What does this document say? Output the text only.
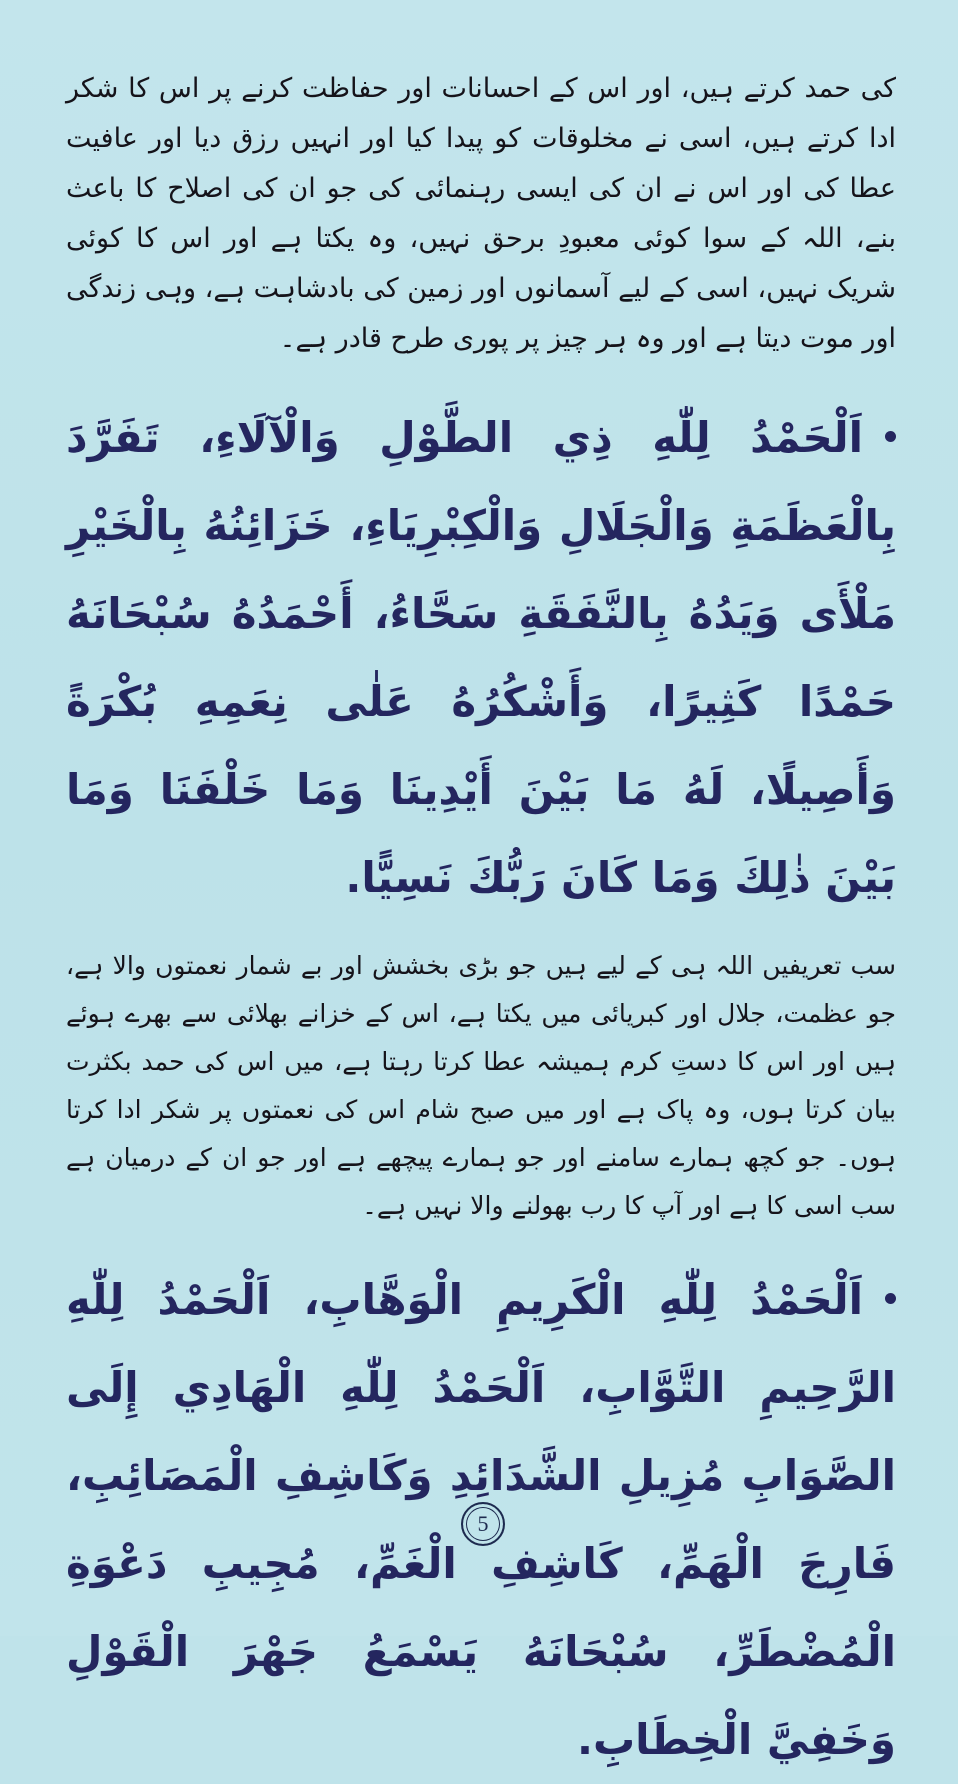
کی حمد کرتے ہیں، اور اس کے احسانات اور حفاظت کرنے پر اس کا شکر ادا کرتے ہیں، اسی نے مخلوقات کو پیدا کیا اور انہیں رزق دیا اور عافیت عطا کی اور اس نے ان کی ایسی رہنمائی کی جو ان کی اصلاح کا باعث بنے، اللہ کے سوا کوئی معبودِ برحق نہیں، وہ یکتا ہے اور اس کا کوئی شریک نہیں، اسی کے لیے آسمانوں اور زمین کی بادشاہت ہے، وہی زندگی اور موت دیتا ہے اور وہ ہر چیز پر پوری طرح قادر ہے۔

اَلْحَمْدُ لِلّٰهِ ذِي الطَّوْلِ وَالْآلَاءِ، تَفَرَّدَ بِالْعَظَمَةِ وَالْجَلَالِ وَالْكِبْرِيَاءِ، خَزَائِنُهُ بِالْخَيْرِ مَلْأَى وَيَدُهُ بِالنَّفَقَةِ سَحَّاءُ، أَحْمَدُهُ سُبْحَانَهُ حَمْدًا كَثِيرًا، وَأَشْكُرُهُ عَلٰى نِعَمِهِ بُكْرَةً وَأَصِيلًا، لَهُ مَا بَيْنَ أَيْدِينَا وَمَا خَلْفَنَا وَمَا بَيْنَ ذٰلِكَ وَمَا كَانَ رَبُّكَ نَسِيًّا.

سب تعریفیں اللہ ہی کے لیے ہیں جو بڑی بخشش اور بے شمار نعمتوں والا ہے، جو عظمت، جلال اور کبریائی میں یکتا ہے، اس کے خزانے بھلائی سے بھرے ہوئے ہیں اور اس کا دستِ کرم ہمیشہ عطا کرتا رہتا ہے، میں اس کی حمد بکثرت بیان کرتا ہوں، وہ پاک ہے اور میں صبح شام اس کی نعمتوں پر شکر ادا کرتا ہوں۔ جو کچھ ہمارے سامنے اور جو ہمارے پیچھے ہے اور جو ان کے درمیان ہے سب اسی کا ہے اور آپ کا رب بھولنے والا نہیں ہے۔

اَلْحَمْدُ لِلّٰهِ الْكَرِيمِ الْوَهَّابِ، اَلْحَمْدُ لِلّٰهِ الرَّحِيمِ التَّوَّابِ، اَلْحَمْدُ لِلّٰهِ الْهَادِي إِلَى الصَّوَابِ مُزِيلِ الشَّدَائِدِ وَكَاشِفِ الْمَصَائِبِ، فَارِجَ الْهَمِّ، كَاشِفِ الْغَمِّ، مُجِيبِ دَعْوَةِ الْمُضْطَرِّ، سُبْحَانَهُ يَسْمَعُ جَهْرَ الْقَوْلِ وَخَفِيَّ الْخِطَابِ.

5
